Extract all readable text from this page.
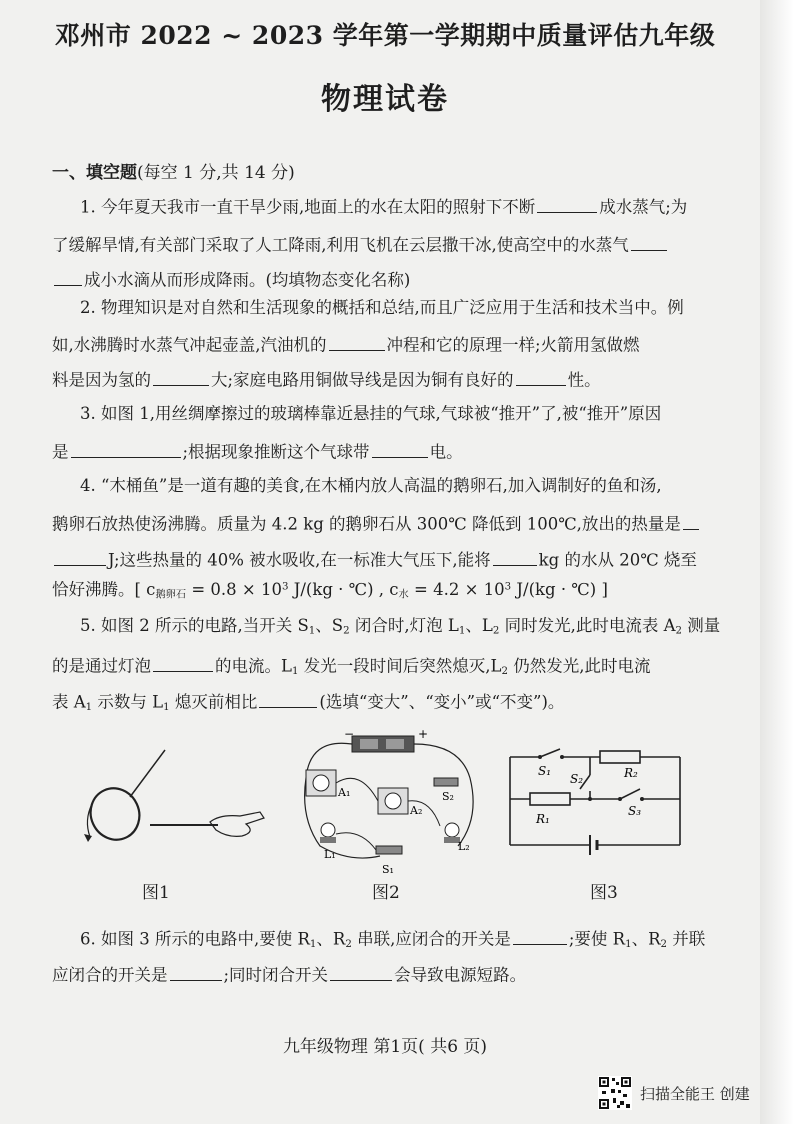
邓州市 2022 ~ 2023 学年第一学期期中质量评估九年级
物理试卷
一、填空题(每空 1 分,共 14 分)
1. 今年夏天我市一直干旱少雨,地面上的水在太阳的照射下不断	成水蒸气;为
了缓解旱情,有关部门采取了人工降雨,利用飞机在云层撒干冰,使高空中的水蒸气
成小水滴从而形成降雨。(均填物态变化名称)
2. 物理知识是对自然和生活现象的概括和总结,而且广泛应用于生活和技术当中。例
如,水沸腾时水蒸气冲起壶盖,汽油机的	冲程和它的原理一样;火箭用氢做燃
料是因为氢的	大;家庭电路用铜做导线是因为铜有良好的	性。
3. 如图 1,用丝绸摩擦过的玻璃棒靠近悬挂的气球,气球被“推开”了,被“推开”原因
是	;根据现象推断这个气球带	电。
4. “木桶鱼”是一道有趣的美食,在木桶内放人高温的鹅卵石,加入调制好的鱼和汤,
鹅卵石放热使汤沸腾。质量为 4.2 kg 的鹅卵石从 300℃ 降低到 100℃,放出的热量是
J;这些热量的 40% 被水吸收,在一标准大气压下,能将	kg 的水从 20℃ 烧至
恰好沸腾。[ $c_{鹅卵石} = 0.8 \times 10^3$ J/(kg · ℃) , $c_水 = 4.2 \times 10^3$ J/(kg · ℃) ]
5. 如图 2 所示的电路,当开关 $S_1$、$S_2$ 闭合时,灯泡 $L_1$、$L_2$ 同时发光,此时电流表 $A_2$ 测量
的是通过灯泡	的电流。$L_1$ 发光一段时间后突然熄灭$,L_2$ 仍然发光,此时电流
表 $A_1$ 示数与 $L_1$ 熄灭前相比	(选填“变大”、“变小”或“不变”)。
−	+
A₁
A₂
S₂
L₁
L₂
S₁
S₁
S₂
S₃
R₁
R₂
图1	图2	图3
6. 如图 3 所示的电路中,要使 $R_1$、$R_2$ 串联,应闭合的开关是	;要使 $R_1$、$R_2$ 并联
应闭合的开关是	;同时闭合开关	会导致电源短路。
九年级物理 第1页( 共6 页)
扫描全能王 创建
